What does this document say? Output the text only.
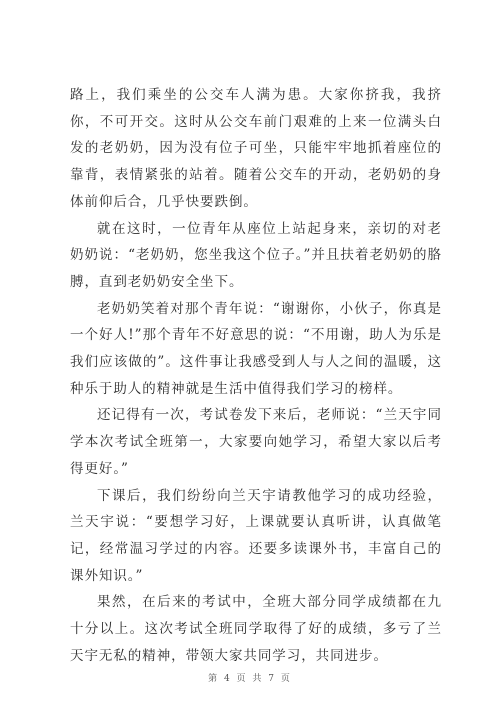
路上，我们乘坐的公交车人满为患。大家你挤我，我挤你，不可开交。这时从公交车前门艰难的上来一位满头白发的老奶奶，因为没有位子可坐，只能牢牢地抓着座位的靠背，表情紧张的站着。随着公交车的开动，老奶奶的身体前仰后合，几乎快要跌倒。

就在这时，一位青年从座位上站起身来，亲切的对老奶奶说：“老奶奶，您坐我这个位子。”并且扶着老奶奶的胳膊，直到老奶奶安全坐下。

老奶奶笑着对那个青年说：“谢谢你，小伙子，你真是一个好人!”那个青年不好意思的说：“不用谢，助人为乐是我们应该做的”。这件事让我感受到人与人之间的温暖，这种乐于助人的精神就是生活中值得我们学习的榜样。

还记得有一次，考试卷发下来后，老师说：“兰天宇同学本次考试全班第一，大家要向她学习，希望大家以后考得更好。”

下课后，我们纷纷向兰天宇请教他学习的成功经验，兰天宇说：“要想学习好，上课就要认真听讲，认真做笔记，经常温习学过的内容。还要多读课外书，丰富自己的课外知识。”

果然，在后来的考试中，全班大部分同学成绩都在九十分以上。这次考试全班同学取得了好的成绩，多亏了兰天宇无私的精神，带领大家共同学习，共同进步。

第 4 页 共 7 页
